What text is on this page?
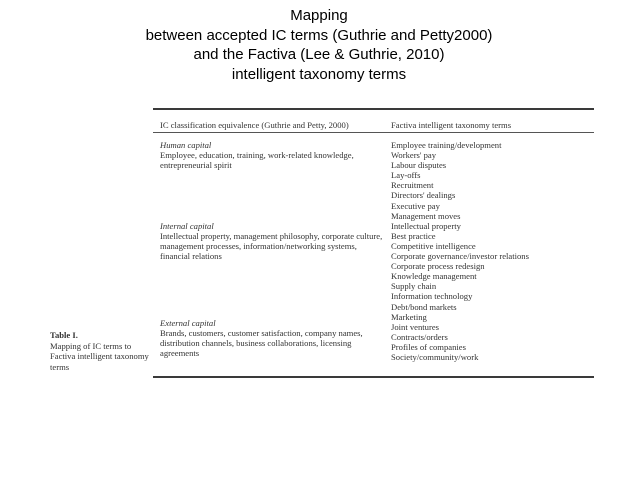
Mapping
between accepted IC terms (Guthrie and Petty2000)
and the Factiva (Lee & Guthrie, 2010)
intelligent taxonomy terms
Table I.
Mapping of IC terms to Factiva intelligent taxonomy terms
IC classification equivalence (Guthrie and Petty, 2000)	Factiva intelligent taxonomy terms
Human capital
Employee, education, training, work-related knowledge, entrepreneurial spirit
Internal capital
Intellectual property, management philosophy, corporate culture, management processes, information/networking systems, financial relations
External capital
Brands, customers, customer satisfaction, company names, distribution channels, business collaborations, licensing agreements
Employee training/development
Workers' pay
Labour disputes
Lay-offs
Recruitment
Directors' dealings
Executive pay
Management moves
Intellectual property
Best practice
Competitive intelligence
Corporate governance/investor relations
Corporate process redesign
Knowledge management
Supply chain
Information technology
Debt/bond markets
Marketing
Joint ventures
Contracts/orders
Profiles of companies
Society/community/work
